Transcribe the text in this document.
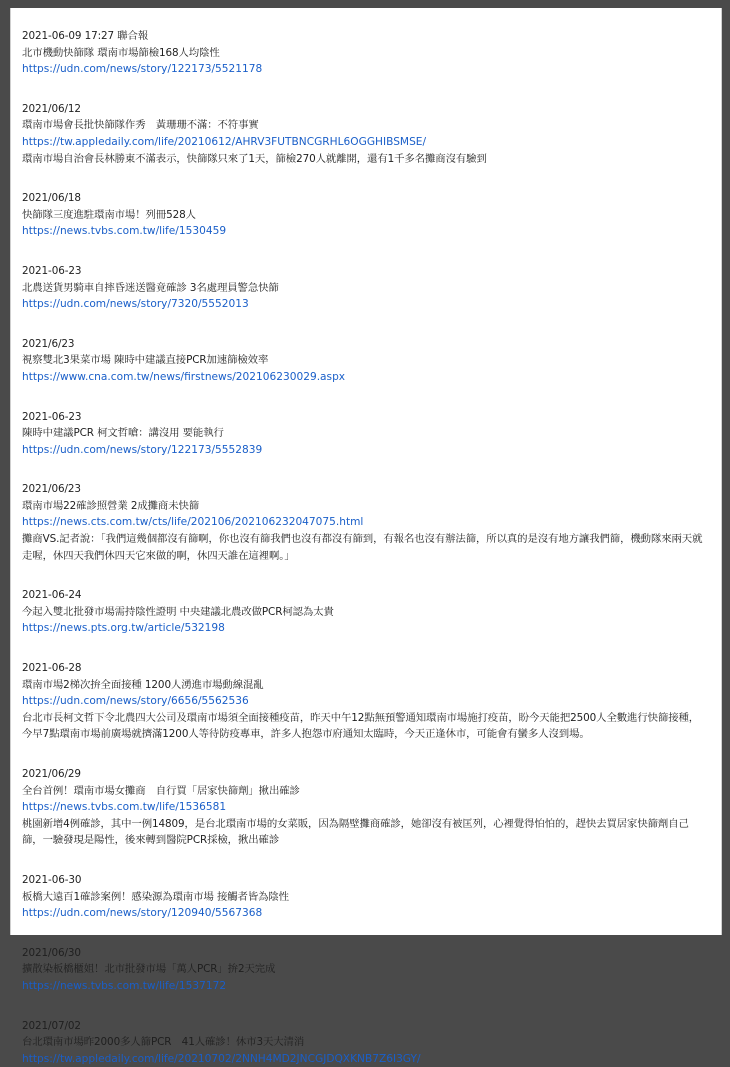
2021-06-09 17:27 聯合報
北市機動快篩隊 環南市場篩檢168人均陰性
https://udn.com/news/story/122173/5521178
2021/06/12
環南市場會長批快篩隊作秀　黃珊珊不滿：不符事實
https://tw.appledaily.com/life/20210612/AHRV3FUTBNCGRHL6OGGHIBSMSE/
環南市場自治會長林勝東不滿表示，快篩隊只來了1天，篩檢270人就離開，還有1千多名攤商沒有驗到
2021/06/18
快篩隊三度進駐環南市場！列冊528人
https://news.tvbs.com.tw/life/1530459
2021-06-23
北農送貨男騎車自摔昏迷送醫竟確診 3名處理員警急快篩
https://udn.com/news/story/7320/5552013
2021/6/23
視察雙北3果菜市場 陳時中建議直接PCR加速篩檢效率
https://www.cna.com.tw/news/firstnews/202106230029.aspx
2021-06-23
陳時中建議PCR 柯文哲嗆：講沒用 要能執行
https://udn.com/news/story/122173/5552839
2021/06/23
環南市場22確診照營業 2成攤商未快篩
https://news.cts.com.tw/cts/life/202106/202106232047075.html
攤商VS.記者說：「我們這幾個都沒有篩啊，你也沒有篩我們也沒有都沒有篩到，有報名也沒有辦法篩，所以真的是沒有地方讓我們篩，機動隊來兩天就走喔，休四天我們休四天它來做的啊，休四天誰在這裡啊。」
2021-06-24
今起入雙北批發市場需持陰性證明 中央建議北農改做PCR柯認為太貴
https://news.pts.org.tw/article/532198
2021-06-28
環南市場2梯次拚全面接種 1200人湧進市場動線混亂
https://udn.com/news/story/6656/5562536
台北市長柯文哲下令北農四大公司及環南市場須全面接種疫苗，昨天中午12點無預警通知環南市場施打疫苗，盼今天能把2500人全數進行快篩接種，今早7點環南市場前廣場就擠滿1200人等待防疫專車，許多人抱怨市府通知太臨時，今天正逢休市，可能會有蠻多人沒到場。
2021/06/29
全台首例！環南市場女攤商　自行買「居家快篩劑」揪出確診
https://news.tvbs.com.tw/life/1536581
桃園新增4例確診，其中一例14809，是台北環南市場的女菜販，因為隔壁攤商確診，她卻沒有被匡列，心裡覺得怕怕的，趕快去買居家快篩劑自己篩，一驗發現是陽性，後來轉到醫院PCR採檢，揪出確診
2021-06-30
板橋大遠百1確診案例！感染源為環南市場 接觸者皆為陰性
https://udn.com/news/story/120940/5567368
2021/06/30
擴散染板橋櫃姐！北市批發市場「萬人PCR」拚2天完成
https://news.tvbs.com.tw/life/1537172
2021/07/02
台北環南市場昨2000多人篩PCR　41人確診！休市3天大清消
https://tw.appledaily.com/life/20210702/2NNH4MD2JNCGJDQXKNB7Z6I3GY/
